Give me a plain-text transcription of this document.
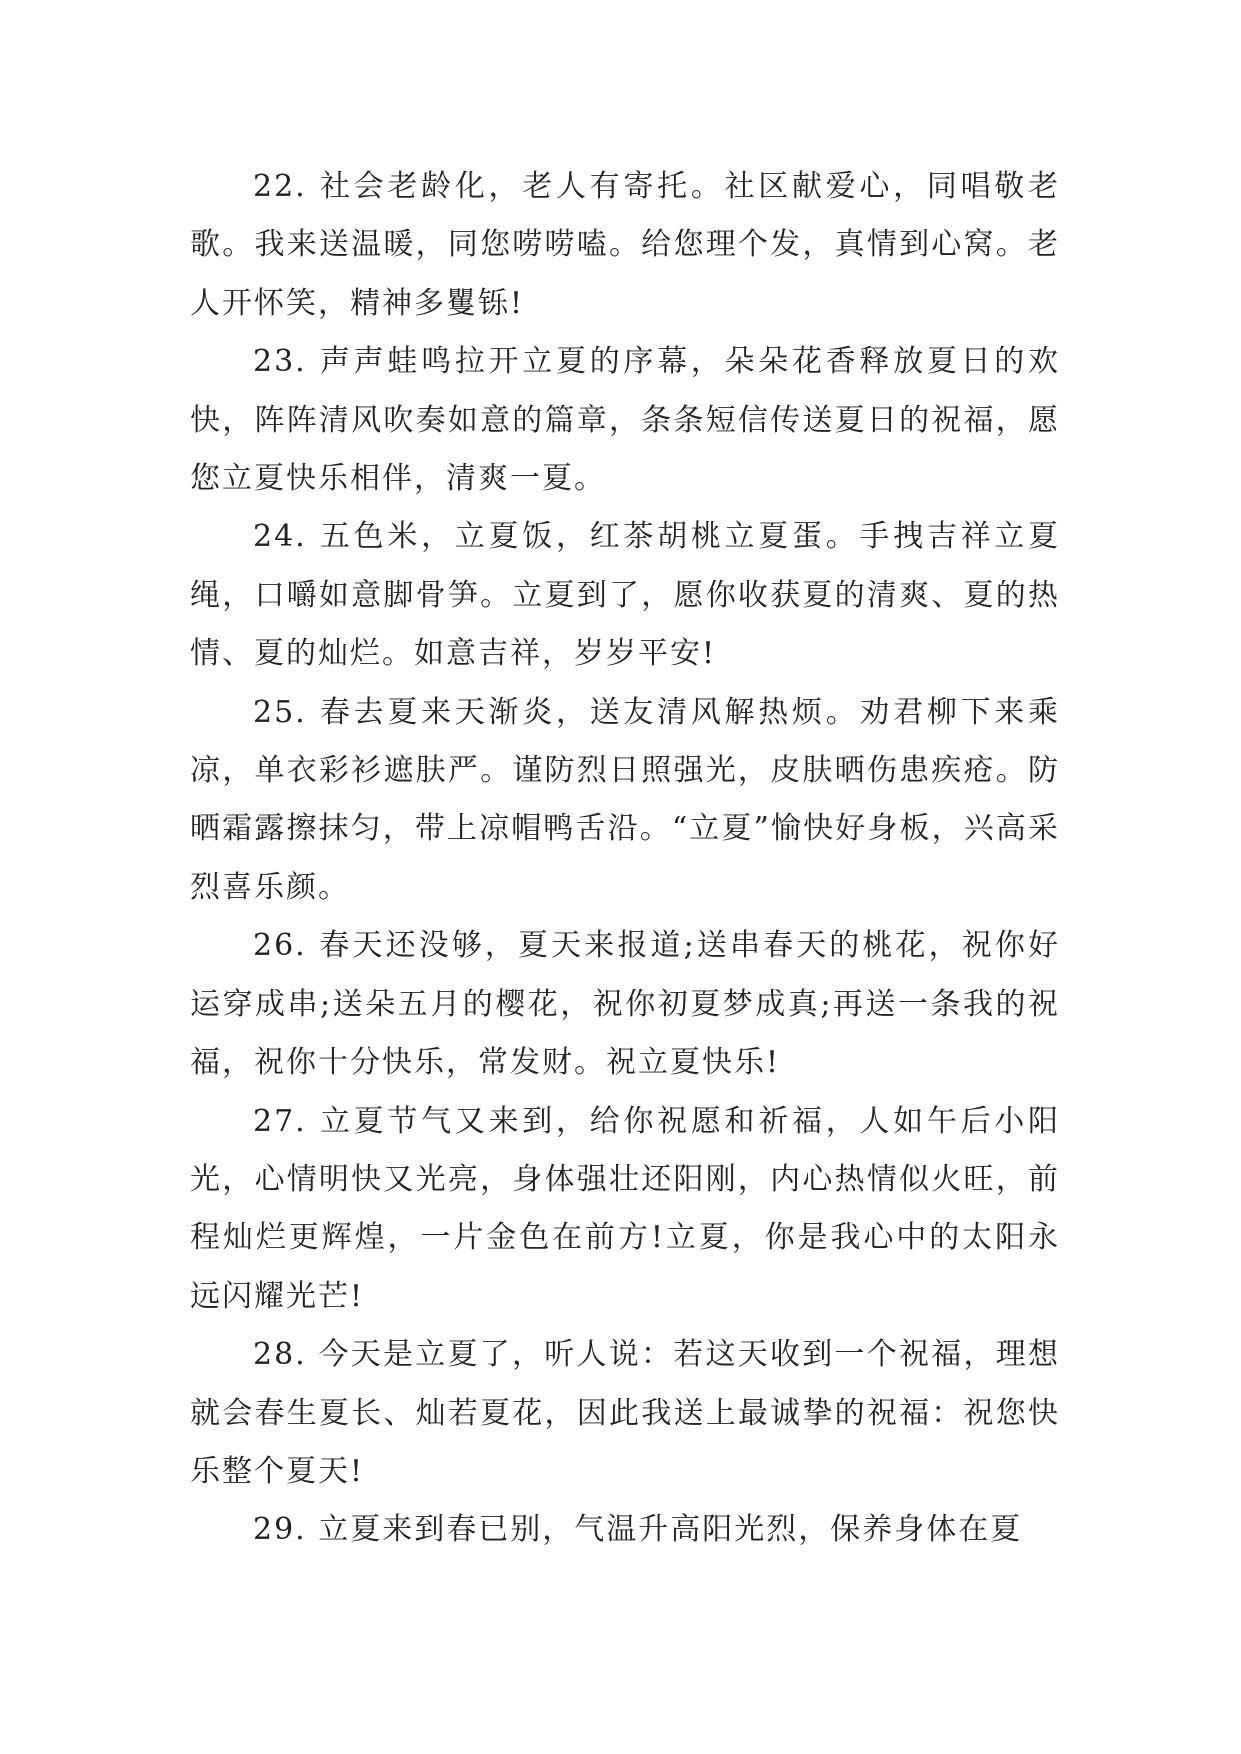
22. 社会老龄化，老人有寄托。社区献爱心，同唱敬老歌。我来送温暖，同您唠唠嗑。给您理个发，真情到心窝。老人开怀笑，精神多矍铄!

23. 声声蛙鸣拉开立夏的序幕，朵朵花香释放夏日的欢快，阵阵清风吹奏如意的篇章，条条短信传送夏日的祝福，愿您立夏快乐相伴，清爽一夏。

24. 五色米，立夏饭，红茶胡桃立夏蛋。手拽吉祥立夏绳，口嚼如意脚骨笋。立夏到了，愿你收获夏的清爽、夏的热情、夏的灿烂。如意吉祥，岁岁平安!

25. 春去夏来天渐炎，送友清风解热烦。劝君柳下来乘凉，单衣彩衫遮肤严。谨防烈日照强光，皮肤晒伤患疾疮。防晒霜露擦抹匀，带上凉帽鸭舌沿。“立夏”愉快好身板，兴高采烈喜乐颜。

26. 春天还没够，夏天来报道;送串春天的桃花，祝你好运穿成串;送朵五月的樱花，祝你初夏梦成真;再送一条我的祝福，祝你十分快乐，常发财。祝立夏快乐!

27. 立夏节气又来到，给你祝愿和祈福，人如午后小阳光，心情明快又光亮，身体强壮还阳刚，内心热情似火旺，前程灿烂更辉煌，一片金色在前方!立夏，你是我心中的太阳永远闪耀光芒!

28. 今天是立夏了，听人说：若这天收到一个祝福，理想就会春生夏长、灿若夏花，因此我送上最诚挚的祝福：祝您快乐整个夏天!

29. 立夏来到春已别，气温升高阳光烈，保养身体在夏
